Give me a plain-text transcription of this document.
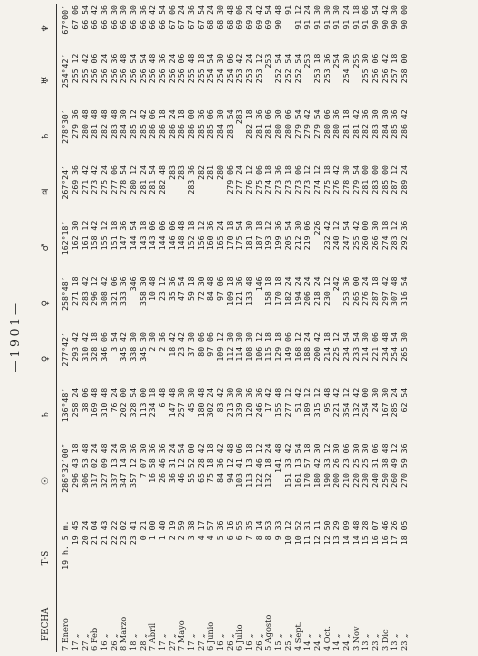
—1901—
FECHA	T·S	☉	♄	♀	♀	♂	♃	♄	♅	♆
7 Enero	19 h. 5 m.	286°32′00″	136°48′	277°42′	258°48′	162°18′	267°24′	278°30′	254°42′	67°00′
17 „	19 45	296 43 18	258 24	293 42	271 18	162 30	269 36	279 36	255 12	67 06
27 „	20 24	306 53 48	38 06	310 42	283 42	161 12	271 42	280 48	255 42	66 54
6 Feb	21 04	317 02 24	169 48	328 18	296 12	158 42	273 42	281 48	256 06	66 42
16 „	21 43	327 09 48	310 48	346 06	308 42	155 12	275 24	282 48	256 24	66 36
26 „	22 22	337 13 24	76 24	3 54	321 06	151 18	277 06	283 48	256 36	66 30
8 Marzo	23 02	347 14 30	202 00	345 42	333 36	147 36	278 54	284 30	256 48	66 30
18 „	23 41	357 12 36	328 54	338 30	346	144 54	280 12	285 12	256 54	66 30
28 „	0 21	7 07 30	113 00	345 30	358 30	143 18	281 24	285 42	256 54	66 36
7 Abril	1 00	16 58 36	234 18	2 30	10 48	143 06	281 54	286 06	256 48	66 42
17 „	1 40	26 46 36	6 48	2 36	23 12	144 06	282 48	286 18	256 36	66 54
27 „	2 19	36 31 24	147 48	18 42	35 36	146 06	283	286 24	256 24	67 06
7 Mayo	2 59	46 12 54	257 30	23 42	47 54	148 48	283	286 18	256 06	67 24
17 „	3 38	55 52 00	45 30	37 30	59 18	152 18	283 36	286 00	255 48	67 36
27 „	4 17	65 28 42	180 48	80 06	72 30	156 12	282	285 36	255 18	67 54
6 Junio	4 57	75 18 18	302 24	97 06	84 48	160 36	281	285 06	254 54	68 24
16 „	5 36	84 36 42	83 42	109 12	97 06	165 24	280	284 30	254 30	68 30
26 „	6 16	94 12 48	213 30	112 30	109 18	170 18	279 06	283 54	254 06	68 48
6 Julio	6 55	103 41 06	339 30	114 30	121 36	175 54	277 24	283	253 42	69 06
16 „	7 35	113 13 18	120 36	108 30	133 48	181 30	276 12	282 18	253 24	69 24
26 „	8 14	122 46 12	246 36	106 12	146	187 18	275 06	281 36	253 12	69 42
5 Agosto	8 53	132 18 24	17 42	115 18	158 18	193 12	274 18	281 06	253	69 54
15 „	9 33	141 48	155 48	129 18	170 18	199 36	273 36	280 30	252 54	90 48
25 „	10 12	151 33 42	277 12	149 06	182 24	205 54	273 18	280 06	252 54	91
4 Sept.	10 52	161 13 54	51 42	168 12	194 24	212 30	273 06	279 54	252 54	91 12
14 „	11 31	170 57 18	189 12	188 24	206 24	219 06	273 12	279 42	253	91 24
24 „	12 11	180 42 30	315 12	200 42	218 24	226	274 12	279 54	253 18	91 30
4 Oct.	12 50	190 33 12	95 48	214 18	230 12	232 42	275 18	280 06	253 36	91 30
14 „	13 29	200 26 30	221 42	225 12	242	240 12	276 42	280 36	254	91 30
24 „	14 09	210 23 06	354 12	234 54	253 36	247 54	278 30	281 18	254 30	91 24
3 Nov	14 48	220 25 30	132 42	233 54	265 00	255 42	279 54	281 42	255	91 18
13 „	15 28	230 25 30	254 00	214 30	276 24	260 00	281 00	282 36	255 30	91 06
23 „	16 07	240 31 06	24 30	221 06	287 18	266 30	283 00	283 30	256 06	90 54
3 Dic	16 46	250 38 48	167 30	234 48	297 42	274 18	285 00	284 30	256 42	90 42
13 „	17 26	260 49 12	285 24	254 54	307 48	283 12	287 12	285 36	257 18	90 30
23 „	18 05	270 59 36	62 54	265 30	316 54	292 36	289 24	286 42	258 00	90 00
